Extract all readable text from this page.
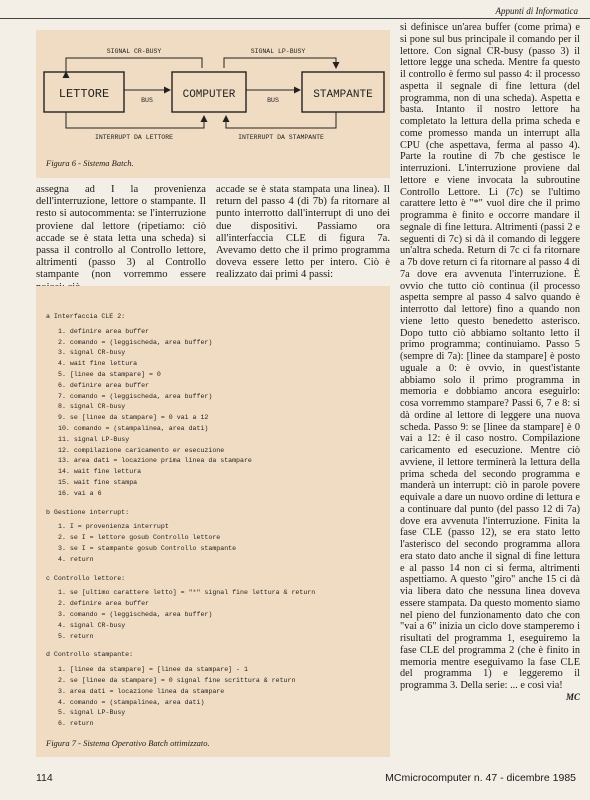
Appunti di Informatica
LETTORE	COMPUTER	STAMPANTE
SIGNAL CR-BUSY	SIGNAL LP-BUSY
BUS	BUS
INTERRUPT DA LETTORE	INTERRUPT DA STAMPANTE
Figura 6 - Sistema Batch.

assegna ad I la provenienza dell'interruzione, lettore o stampante. Il resto si autocommenta: se l'interruzione proviene dal lettore (ripetiamo: ciò accade se è stata letta una scheda) si passa il controllo al Controllo lettore, altrimenti (passo 3) al Controllo stampante (non vorremmo essere

accade se è stata stampata una linea). Il return del passo 4 (di 7b) fa ritornare al punto interrotto dall'interrupt di uno dei due dispositivi. Passiamo ora all'interfaccia CLE di figura 7a. Avevamo detto che il primo programma doveva essere letto per intero. Ciò è realizzato dai primi 4 passi:

si definisce un'area buffer (come prima) e si pone sul bus principale il comando per il lettore. Con signal CR-busy (passo 3) il lettore legge una scheda. Mentre fa questo il controllo è fermo sul passo 4: il processo aspetta il segnale di fine lettura (del programma, non di una scheda). Aspetta e basta. Intanto il nostro lettore ha completato la lettura della prima scheda e come promesso manda un interrupt alla CPU (che aspettava, ferma al passo 4). Parte la routine di 7b che gestisce le interruzioni. L'interruzione proviene dal lettore e viene invocata la subroutine Controllo Lettore. Li (7c) se l'ultimo carattere letto è "*" vuol dire che il primo programma è finito e occorre mandare il segnale di fine lettura. Altrimenti (passi 2 e seguenti di 7c) si dà il comando di leggere un'altra scheda. Return di 7c ci fa ritornare a 7b dove return ci fa ritornare al passo 4 di 7a dove era avvenuta l'interruzione. È ovvio che tutto ciò continua (il processo aspetta sempre al passo 4 salvo quando è interrotto dal lettore) fino a quando non viene letto questo benedetto asterisco. Dopo tutto ciò abbiamo soltanto letto il primo programma; continuiamo. Passo 5 (sempre di 7a): [linee da stampare] è posto uguale a 0: è ovvio, in quest'istante abbiamo solo il primo programma in memoria e dobbiamo ancora eseguirlo: cosa vorremmo stampare? Passi 6, 7 e 8: si dà ordine al lettore di leggere una nuova scheda. Passo 9: se [linee da stampare] è 0 vai a 12: è il caso nostro. Compilazione caricamento ed esecuzione. Mentre ciò avviene, il lettore terminerà la lettura della prima scheda del secondo programma e manderà un interrupt: ciò in parole povere equivale a dare un nuovo ordine di lettura e a continuare dal punto (del passo 12 di 7a) dove era avvenuta l'interruzione. Finita la fase CLE (passo 12), se era stato letto l'asterisco del secondo programma allora era stato dato anche il signal di fine lettura e al passo 14 non ci si ferma, altrimenti aspettiamo. A questo "giro" anche 15 ci dà via libera dato che nessuna linea doveva essere stampata. Da questo momento siamo nel pieno del funzionamento dato che con "vai a 6" inizia un ciclo dove stamperemo i risultati del programma 1, eseguiremo la fase CLE del programma 2 (che è finito in memoria mentre eseguivamo la fase CLE del programma 1) e leggeremo il programma 3. Della serie: ... e così via!

MC
a Interfaccia CLE 2:
1. definire area buffer
2. comando = (leggischeda, area buffer)
3. signal CR-busy
4. wait fine lettura
5. [linee da stampare] = 0
6. definire area buffer
7. comando = (leggischeda, area buffer)
8. signal CR-busy
9. se [linee da stampare] = 0 vai a 12
10. comando = (stampalinea, area dati)
11. signal LP-Busy
12. compilazione caricamento er esecuzione
13. area dati = locazione prima linea da stampare
14. wait fine lettura
15. wait fine stampa
16. vai a 6
b Gestione interrupt:
1. I = provenienza interrupt
2. se I = lettore gosub Controllo lettore
3. se I = stampante gosub Controllo stampante
4. return
c Controllo lettore:
1. se [ultimo carattere letto] = "*" signal fine lettura & return
2. definire area buffer
3. comando = (leggischeda, area buffer)
4. signal CR-busy
5. return
d Controllo stampante:
1. [linee da stampare] = [linee da stampare] - 1
2. se [linee da stampare] = 0 signal fine scrittura & return
3. area dati = locazione linea da stampare
4. comando = (stampalinea, area dati)
5. signal LP-Busy
6. return
Figura 7 - Sistema Operativo Batch ottimizzato.
114	MCmicrocomputer n. 47 - dicembre 1985
